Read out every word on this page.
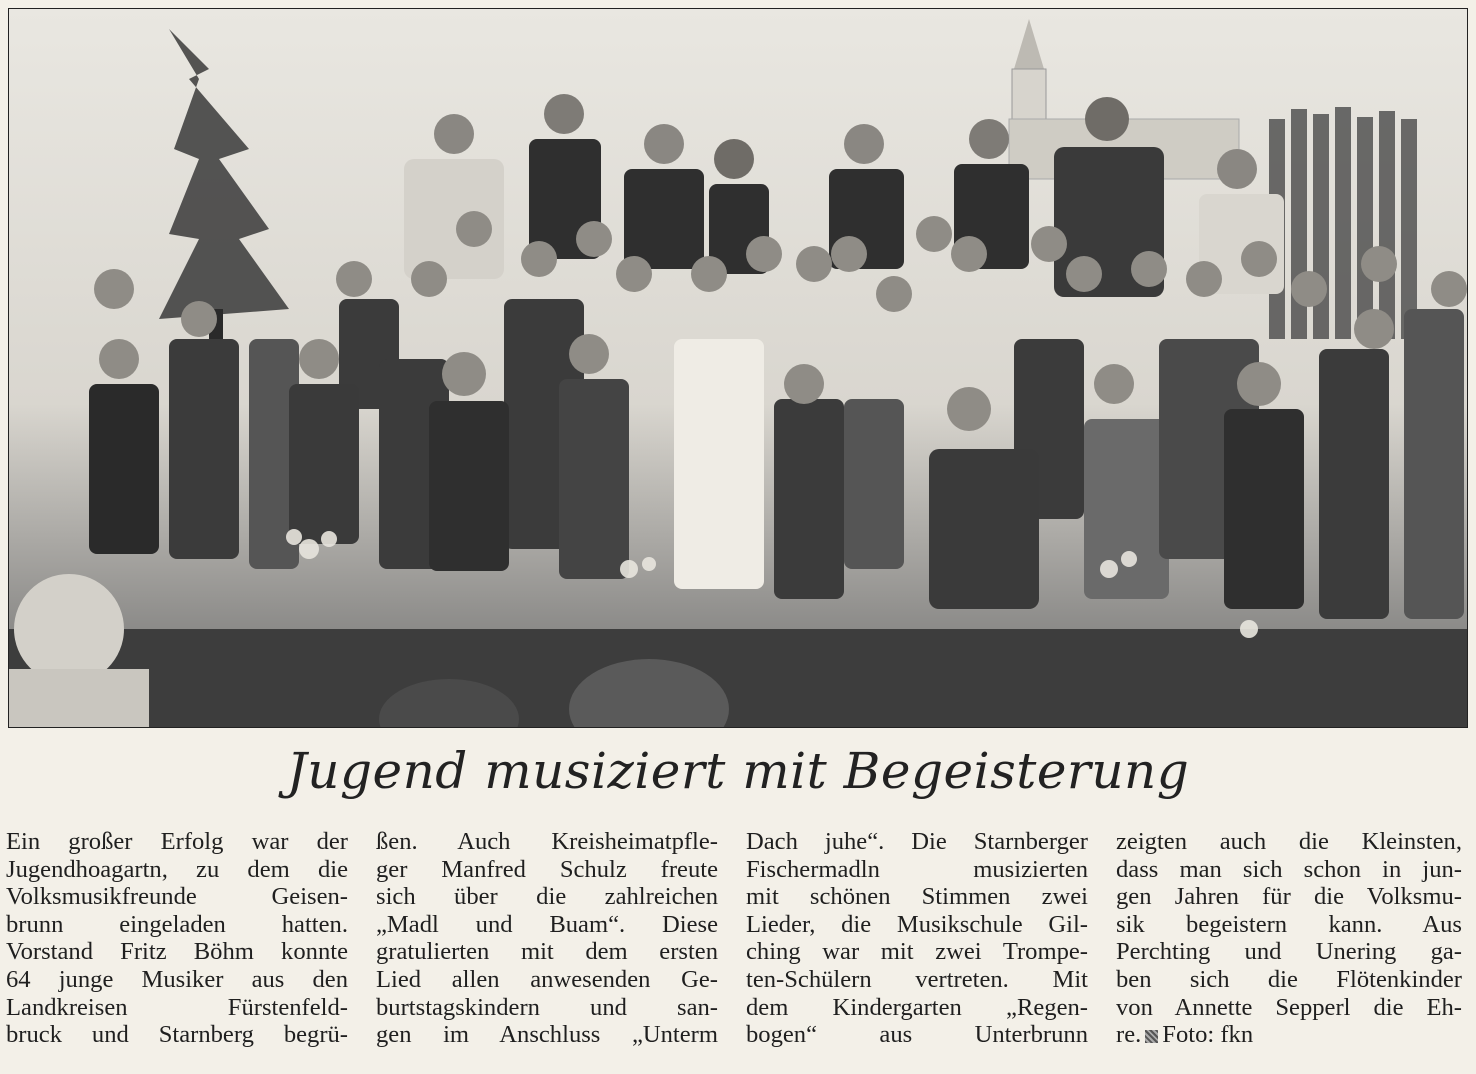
Jugend musiziert mit Begeisterung
Ein großer Erfolg war der
Jugendhoagartn, zu dem die
Volksmusikfreunde Geisen-
brunn eingeladen hatten.
Vorstand Fritz Böhm konnte
64 junge Musiker aus den
Landkreisen Fürstenfeld-
bruck und Starnberg begrü-
ßen. Auch Kreisheimatpfle-
ger Manfred Schulz freute
sich über die zahlreichen
„Madl und Buam“. Diese
gratulierten mit dem ersten
Lied allen anwesenden Ge-
burtstagskindern und san-
gen im Anschluss „Unterm
Dach juhe“. Die Starnberger
Fischermadln musizierten
mit schönen Stimmen zwei
Lieder, die Musikschule Gil-
ching war mit zwei Trompe-
ten-Schülern vertreten. Mit
dem Kindergarten „Regen-
bogen“ aus Unterbrunn
zeigten auch die Kleinsten,
dass man sich schon in jun-
gen Jahren für die Volksmu-
sik begeistern kann. Aus
Perchting und Unering ga-
ben sich die Flötenkinder
von Annette Sepperl die Eh-
re. Foto: fkn
